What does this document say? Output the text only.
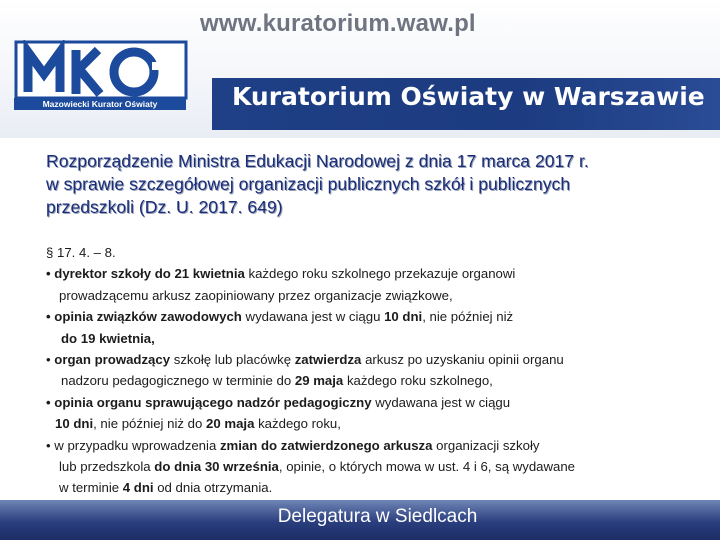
www.kuratorium.waw.pl
Mazowiecki Kurator Oświaty	Kuratorium Oświaty w Warszawie
Rozporządzenie Ministra Edukacji Narodowej z dnia 17 marca 2017 r.
w sprawie szczegółowej organizacji publicznych szkół i publicznych
przedszkoli (Dz. U. 2017. 649)
§ 17. 4. – 8.
• dyrektor szkoły do 21 kwietnia każdego roku szkolnego przekazuje organowi
prowadzącemu arkusz zaopiniowany przez organizacje związkowe,
• opinia związków zawodowych wydawana jest w ciągu 10 dni, nie później niż
do 19 kwietnia,
• organ prowadzący szkołę lub placówkę zatwierdza arkusz po uzyskaniu opinii organu
nadzoru pedagogicznego w terminie do 29 maja każdego roku szkolnego,
• opinia organu sprawującego nadzór pedagogiczny wydawana jest w ciągu
10 dni, nie później niż do 20 maja każdego roku,
• w przypadku wprowadzenia zmian do zatwierdzonego arkusza organizacji szkoły
lub przedszkola do dnia 30 września, opinie, o których mowa w ust. 4 i 6, są wydawane
w terminie 4 dni od dnia otrzymania.
Delegatura w Siedlcach
